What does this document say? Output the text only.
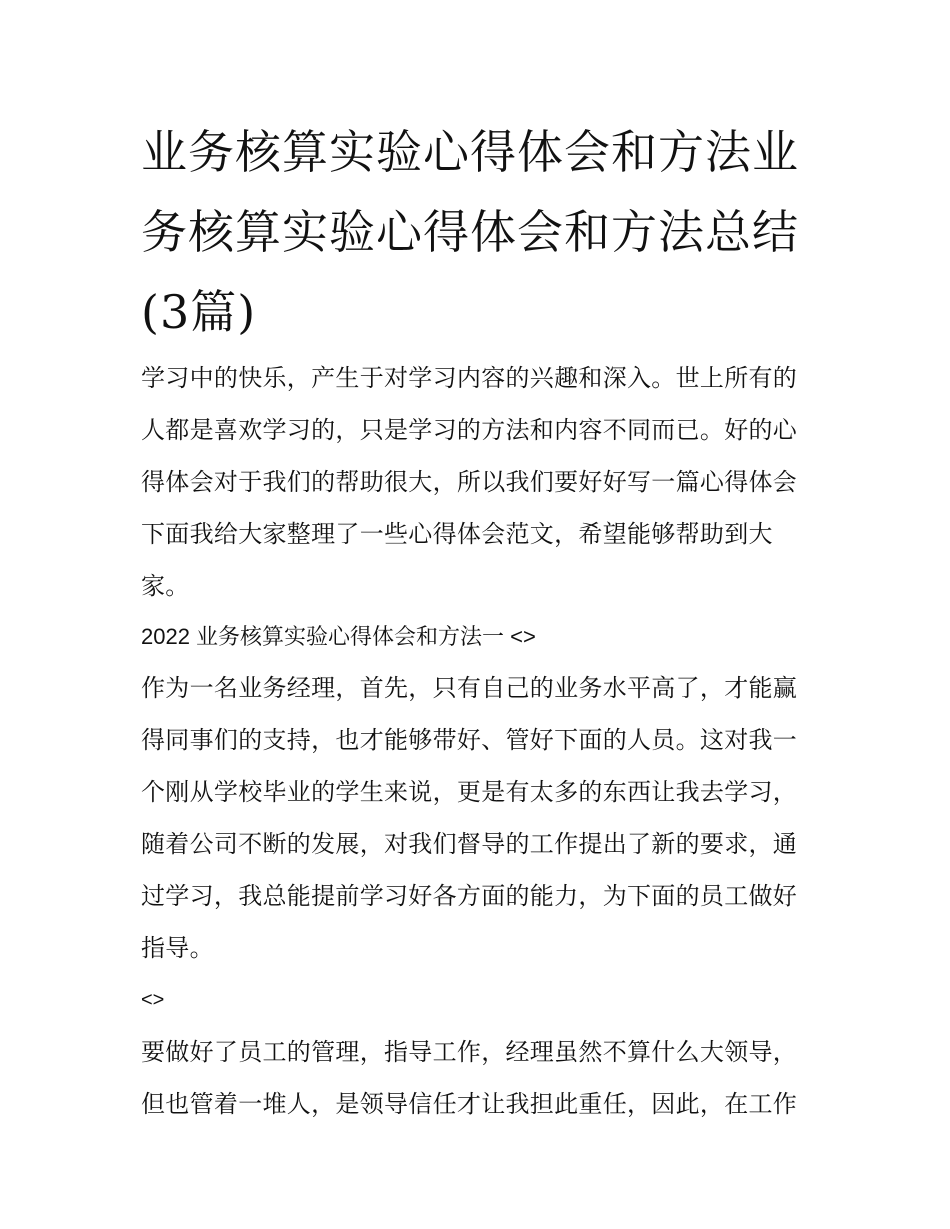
业务核算实验心得体会和方法业务核算实验心得体会和方法总结(3篇)

学习中的快乐，产生于对学习内容的兴趣和深入。世上所有的人都是喜欢学习的，只是学习的方法和内容不同而已。好的心得体会对于我们的帮助很大，所以我们要好好写一篇心得体会下面我给大家整理了一些心得体会范文，希望能够帮助到大家。

2022 业务核算实验心得体会和方法一 <>

作为一名业务经理，首先，只有自己的业务水平高了，才能赢得同事们的支持，也才能够带好、管好下面的人员。这对我一个刚从学校毕业的学生来说，更是有太多的东西让我去学习，随着公司不断的发展，对我们督导的工作提出了新的要求，通过学习，我总能提前学习好各方面的能力，为下面的员工做好指导。

<>

要做好了员工的管理，指导工作，经理虽然不算什么大领导，但也管着一堆人，是领导信任才让我担此重任，因此，在工作
